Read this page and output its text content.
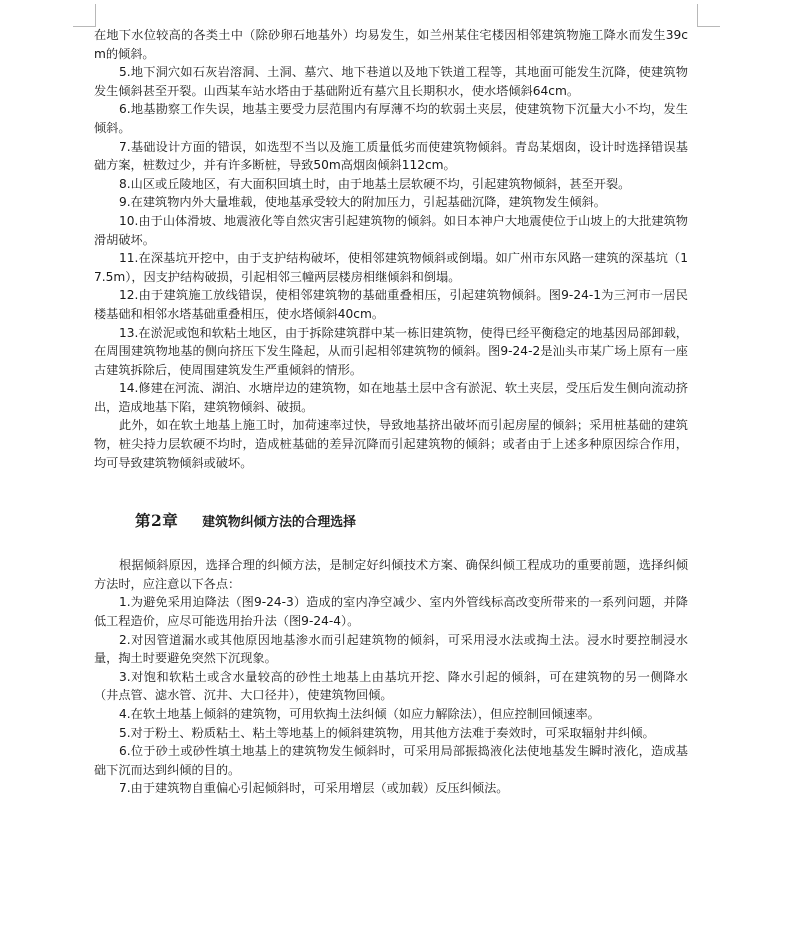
在地下水位较高的各类土中（除砂卵石地基外）均易发生，如兰州某住宅楼因相邻建筑物施工降水而发生39cm的倾斜。

5.地下洞穴如石灰岩溶洞、土洞、墓穴、地下巷道以及地下铁道工程等，其地面可能发生沉降，使建筑物发生倾斜甚至开裂。山西某车站水塔由于基础附近有墓穴且长期积水，使水塔倾斜64cm。

6.地基勘察工作失误，地基主要受力层范围内有厚薄不均的软弱土夹层，使建筑物下沉量大小不均，发生倾斜。

7.基础设计方面的错误，如选型不当以及施工质量低劣而使建筑物倾斜。青岛某烟囱，设计时选择错误基础方案，桩数过少，并有许多断桩，导致50m高烟囱倾斜112cm。

8.山区或丘陵地区，有大面积回填土时，由于地基土层软硬不均，引起建筑物倾斜，甚至开裂。

9.在建筑物内外大量堆载，使地基承受较大的附加压力，引起基础沉降，建筑物发生倾斜。

10.由于山体滑坡、地震液化等自然灾害引起建筑物的倾斜。如日本神户大地震使位于山坡上的大批建筑物滑胡破坏。

11.在深基坑开挖中，由于支护结构破坏，使相邻建筑物倾斜或倒塌。如广州市东风路一建筑的深基坑（17.5m），因支护结构破损，引起相邻三幢两层楼房相继倾斜和倒塌。

12.由于建筑施工放线错误，使相邻建筑物的基础重叠相压，引起建筑物倾斜。图9-24-1为三河市一居民楼基础和相邻水塔基础重叠相压，使水塔倾斜40cm。

13.在淤泥或饱和软粘土地区，由于拆除建筑群中某一栋旧建筑物，使得已经平衡稳定的地基因局部卸载，在周围建筑物地基的侧向挤压下发生隆起，从而引起相邻建筑物的倾斜。图9-24-2是汕头市某广场上原有一座古建筑拆除后，使周围建筑发生严重倾斜的情形。

14.修建在河流、湖泊、水塘岸边的建筑物，如在地基土层中含有淤泥、软土夹层，受压后发生侧向流动挤出，造成地基下陷，建筑物倾斜、破损。

此外，如在软土地基上施工时，加荷速率过快，导致地基挤出破坏而引起房屋的倾斜；采用桩基础的建筑物，桩尖持力层软硬不均时，造成桩基础的差异沉降而引起建筑物的倾斜；或者由于上述多种原因综合作用，均可导致建筑物倾斜或破坏。

第2章 建筑物纠倾方法的合理选择

根据倾斜原因，选择合理的纠倾方法，是制定好纠倾技术方案、确保纠倾工程成功的重要前题，选择纠倾方法时，应注意以下各点：

1.为避免采用迫降法（图9-24-3）造成的室内净空减少、室内外管线标高改变所带来的一系列问题，并降低工程造价，应尽可能选用抬升法（图9-24-4）。

2.对因管道漏水或其他原因地基渗水而引起建筑物的倾斜，可采用浸水法或掏土法。浸水时要控制浸水量，掏土时要避免突然下沉现象。

3.对饱和软粘土或含水量较高的砂性土地基上由基坑开挖、降水引起的倾斜，可在建筑物的另一侧降水（井点管、滤水管、沉井、大口径井），使建筑物回倾。

4.在软土地基上倾斜的建筑物，可用软掏土法纠倾（如应力解除法），但应控制回倾速率。

5.对于粉土、粉质粘土、粘土等地基上的倾斜建筑物，用其他方法难于奏效时，可采取辐射井纠倾。

6.位于砂土或砂性填土地基上的建筑物发生倾斜时，可采用局部振捣液化法使地基发生瞬时液化，造成基础下沉而达到纠倾的目的。

7.由于建筑物自重偏心引起倾斜时，可采用增层（或加载）反压纠倾法。
